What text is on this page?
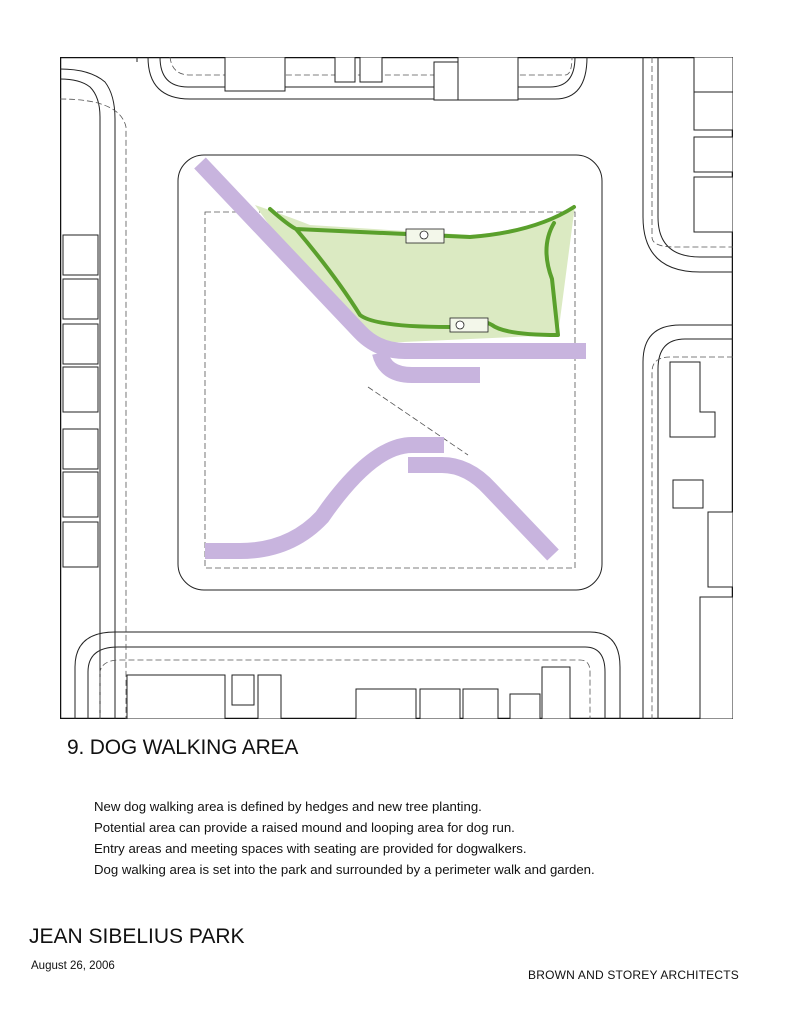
9. DOG WALKING AREA
New dog walking area is defined by hedges and new tree planting.
Potential area can provide a raised mound and looping area for dog run.
Entry areas and meeting spaces with seating are provided for dogwalkers.
Dog walking area is set into the park and surrounded by a perimeter walk and garden.
JEAN SIBELIUS PARK
August 26, 2006
BROWN AND STOREY ARCHITECTS
